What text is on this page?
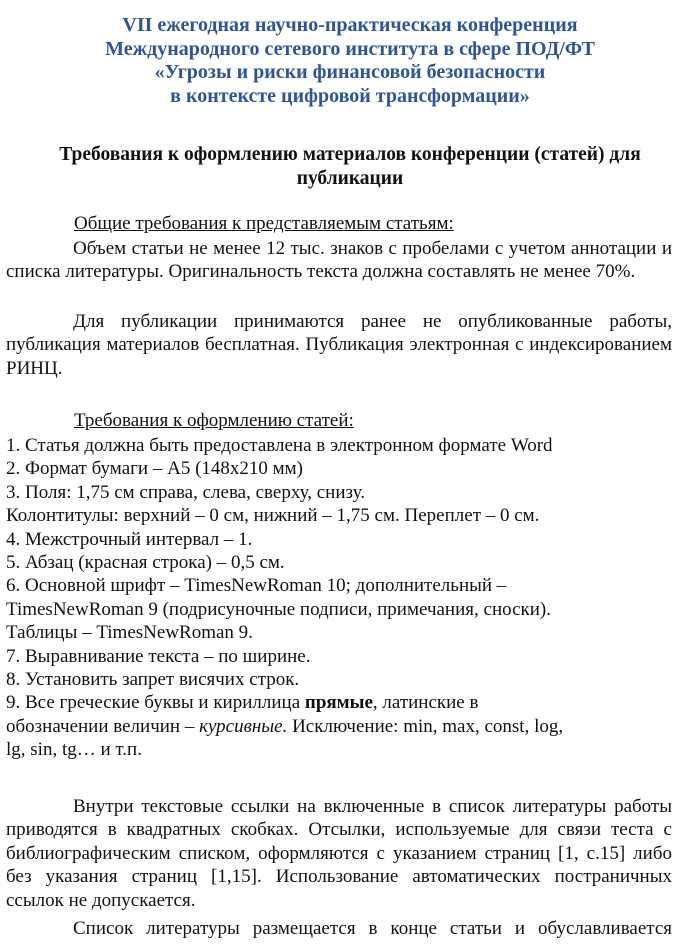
VII ежегодная научно-практическая конференция
Международного сетевого института в сфере ПОД/ФТ
«Угрозы и риски финансовой безопасности
в контексте цифровой трансформации»
Требования к оформлению материалов конференции (статей) для публикации
Общие требования к представляемым статьям:
Объем статьи не менее 12 тыс. знаков с пробелами с учетом аннотации и списка литературы. Оригинальность текста должна составлять не менее 70%.
Для публикации принимаются ранее не опубликованные работы, публикация материалов бесплатная. Публикация электронная с индексированием РИНЦ.
Требования к оформлению статей:
1. Статья должна быть предоставлена в электронном формате Word
2. Формат бумаги – А5 (148х210 мм)
3. Поля: 1,75 см справа, слева, сверху, снизу.
Колонтитулы: верхний – 0 см, нижний – 1,75 см. Переплет – 0 см.
4. Межстрочный интервал – 1.
5. Абзац (красная строка) – 0,5 см.
6. Основной шрифт – TimesNewRoman 10; дополнительный –
TimesNewRoman 9 (подрисуночные подписи, примечания, сноски).
Таблицы – TimesNewRoman 9.
7. Выравнивание текста – по ширине.
8. Установить запрет висячих строк.
9. Все греческие буквы и кириллица прямые, латинские в
обозначении величин – курсивные. Исключение: min, max, const, log,
lg, sin, tg… и т.п.
Внутри текстовые ссылки на включенные в список литературы работы приводятся в квадратных скобках. Отсылки, используемые для связи теста с библиографическим списком, оформляются с указанием страниц [1, с.15] либо без указания страниц [1,15]. Использование автоматических постраничных ссылок не допускается.
Список литературы размещается в конце статьи и обуславливается
